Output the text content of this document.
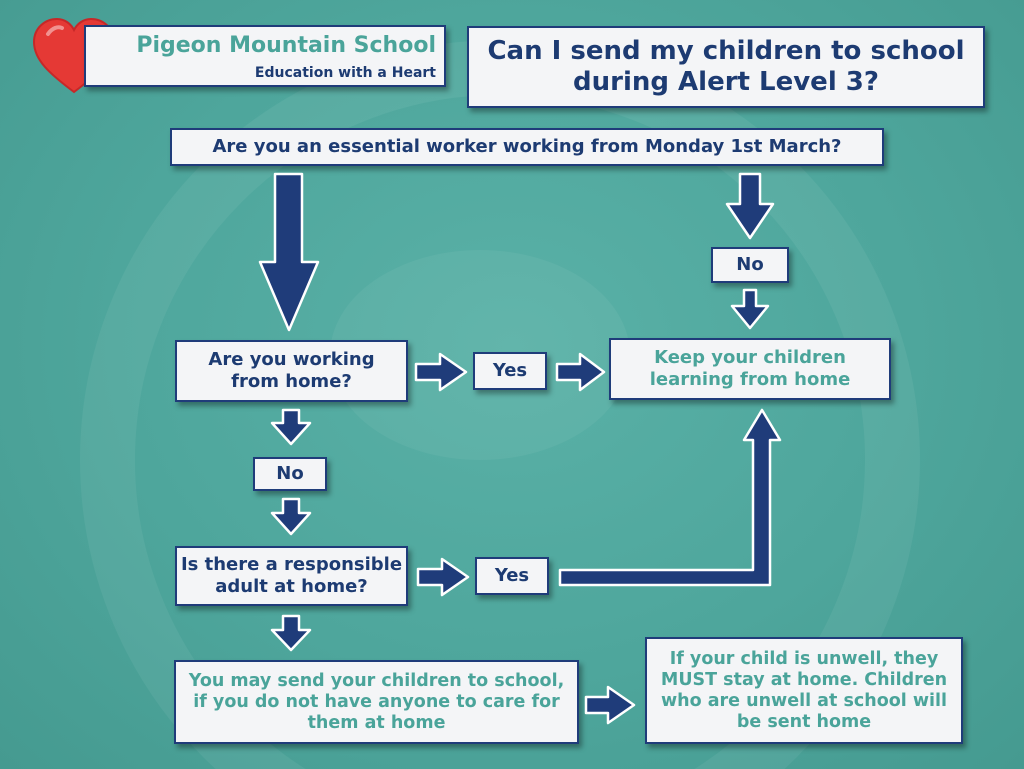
Pigeon Mountain School
Education with a Heart
Can I send my children to school
during Alert Level 3?
Are you an essential worker working from Monday 1st March?
No
Are you working
from home?
Yes
Keep your children
learning from home
No
Is there a responsible
adult at home?
Yes
You may send your children to school,
if you do not have anyone to care for
them at home
If your child is unwell, they
MUST stay at home. Children
who are unwell at school will
be sent home
